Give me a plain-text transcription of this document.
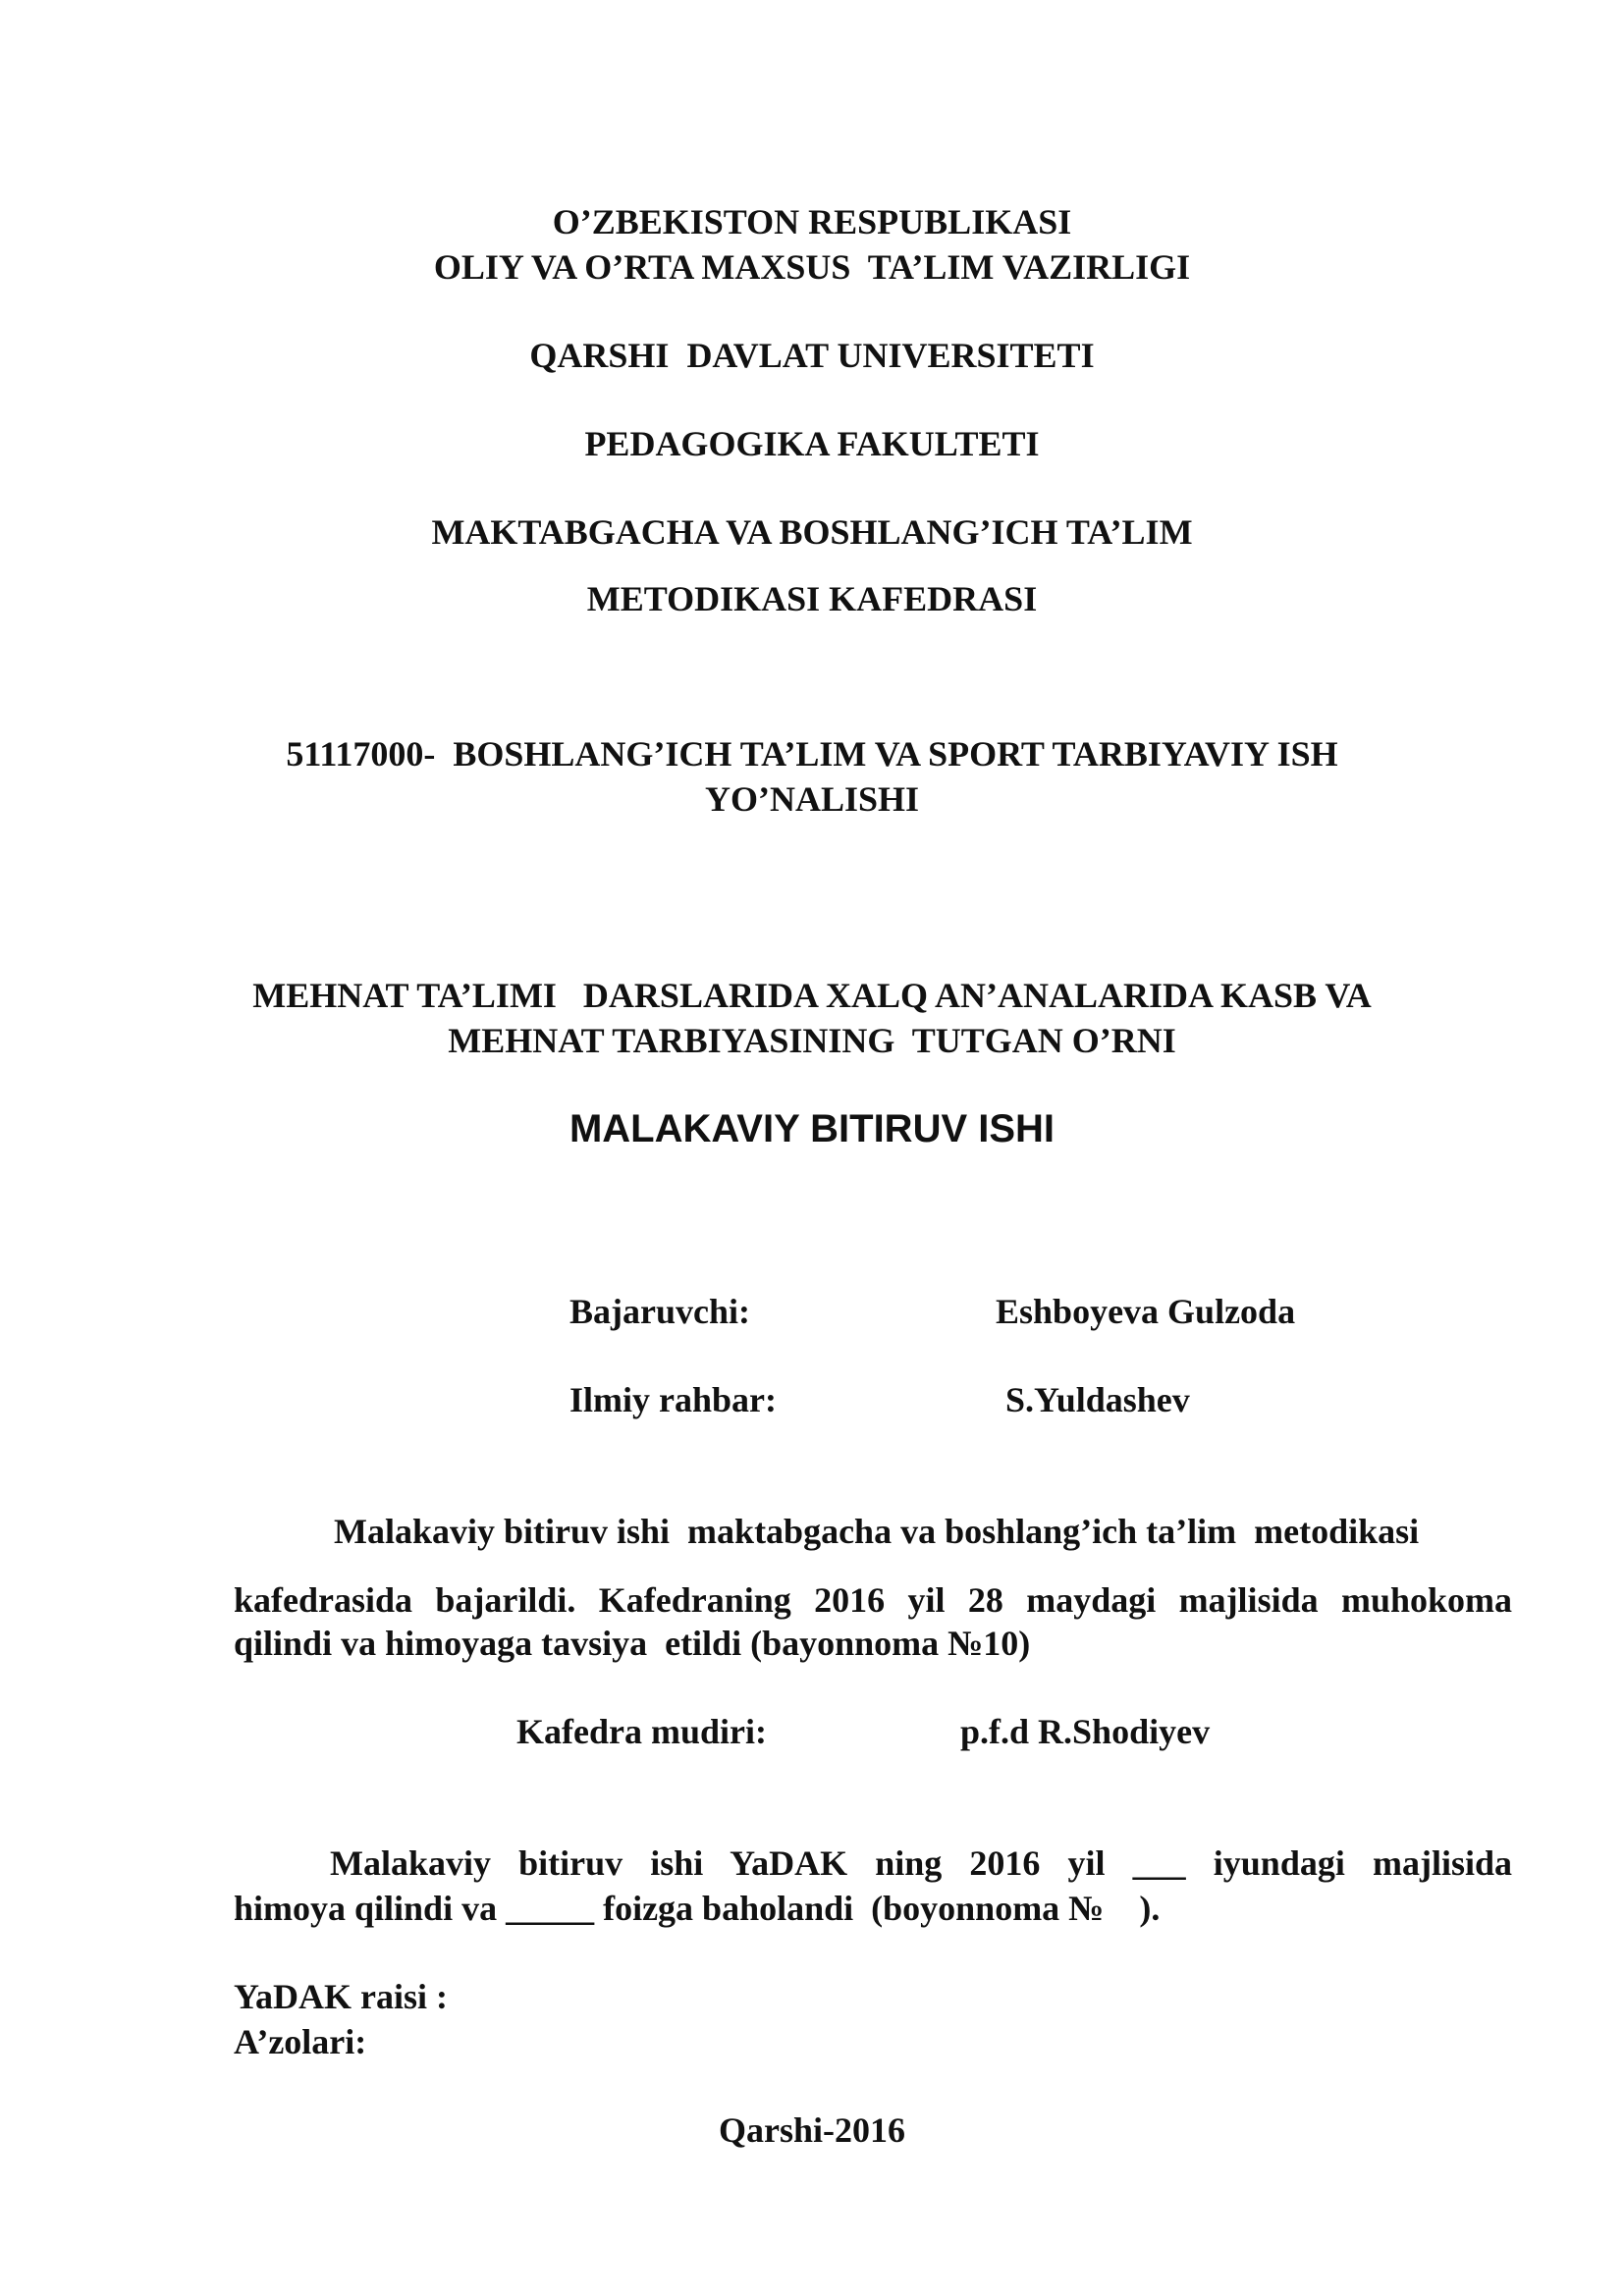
O’ZBEKISTON RESPUBLIKASI
OLIY VA O’RTA MAXSUS  TA’LIM VAZIRLIGI
QARSHI  DAVLAT UNIVERSITETI
PEDAGOGIKA FAKULTETI
MAKTABGACHA VA BOSHLANG’ICH TA’LIM
METODIKASI KAFEDRASI
51117000-  BOSHLANG’ICH TA’LIM VA SPORT TARBIYAVIY ISH
YO’NALISHI
MEHNAT TA’LIMI   DARSLARIDA XALQ AN’ANALARIDA KASB VA
MEHNAT TARBIYASINING  TUTGAN O’RNI
MALAKAVIY BITIRUV ISHI
Bajaruvchi:	Eshboyeva Gulzoda
Ilmiy rahbar:	S.Yuldashev
Malakaviy bitiruv ishi  maktabgacha va boshlang’ich ta’lim  metodikasi
kafedrasida bajarildi. Kafedraning 2016 yil 28 maydagi majlisida muhokoma
qilindi va himoyaga tavsiya  etildi (bayonnoma №10)
Kafedra mudiri:	p.f.d R.Shodiyev
Malakaviy bitiruv ishi YaDAK ning 2016 yil ___ iyundagi majlisida
himoya qilindi va _____ foizga baholandi  (boyonnoma №    ).
YaDAK raisi :
A’zolari:
Qarshi-2016
